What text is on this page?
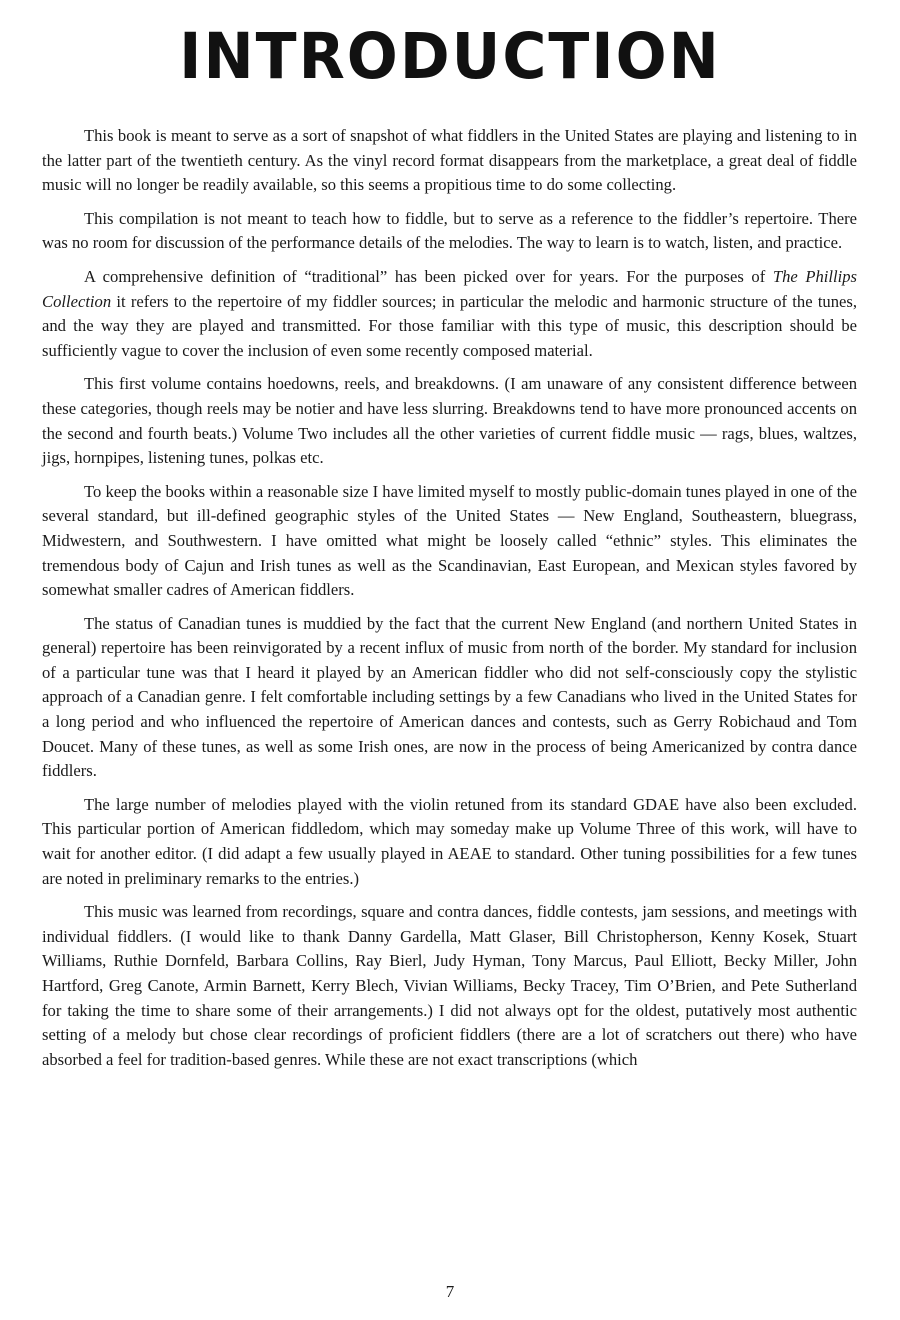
INTRODUCTION

This book is meant to serve as a sort of snapshot of what fiddlers in the United States are playing and listening to in the latter part of the twentieth century. As the vinyl record format disappears from the marketplace, a great deal of fiddle music will no longer be readily available, so this seems a propitious time to do some collecting.

This compilation is not meant to teach how to fiddle, but to serve as a reference to the fiddler’s repertoire. There was no room for discussion of the performance details of the melodies. The way to learn is to watch, listen, and practice.

A comprehensive definition of “traditional” has been picked over for years. For the purposes of The Phillips Collection it refers to the repertoire of my fiddler sources; in particular the melodic and harmonic structure of the tunes, and the way they are played and transmitted. For those familiar with this type of music, this description should be sufficiently vague to cover the inclusion of even some recently composed material.

This first volume contains hoedowns, reels, and breakdowns. (I am unaware of any consistent difference between these categories, though reels may be notier and have less slurring. Breakdowns tend to have more pronounced accents on the second and fourth beats.) Volume Two includes all the other varieties of current fiddle music — rags, blues, waltzes, jigs, hornpipes, listening tunes, polkas etc.

To keep the books within a reasonable size I have limited myself to mostly public-domain tunes played in one of the several standard, but ill-defined geographic styles of the United States — New England, Southeastern, bluegrass, Midwestern, and Southwestern. I have omitted what might be loosely called “ethnic” styles. This eliminates the tremendous body of Cajun and Irish tunes as well as the Scandinavian, East European, and Mexican styles favored by somewhat smaller cadres of American fiddlers.

The status of Canadian tunes is muddied by the fact that the current New England (and northern United States in general) repertoire has been reinvigorated by a recent influx of music from north of the border. My standard for inclusion of a particular tune was that I heard it played by an American fiddler who did not self-consciously copy the stylistic approach of a Canadian genre. I felt comfortable including settings by a few Canadians who lived in the United States for a long period and who influenced the repertoire of American dances and contests, such as Gerry Robichaud and Tom Doucet. Many of these tunes, as well as some Irish ones, are now in the process of being Americanized by contra dance fiddlers.

The large number of melodies played with the violin retuned from its standard GDAE have also been excluded. This particular portion of American fiddledom, which may someday make up Volume Three of this work, will have to wait for another editor. (I did adapt a few usually played in AEAE to standard. Other tuning possibilities for a few tunes are noted in preliminary remarks to the entries.)

This music was learned from recordings, square and contra dances, fiddle contests, jam sessions, and meetings with individual fiddlers. (I would like to thank Danny Gardella, Matt Glaser, Bill Christopherson, Kenny Kosek, Stuart Williams, Ruthie Dornfeld, Barbara Collins, Ray Bierl, Judy Hyman, Tony Marcus, Paul Elliott, Becky Miller, John Hartford, Greg Canote, Armin Barnett, Kerry Blech, Vivian Williams, Becky Tracey, Tim O’Brien, and Pete Sutherland for taking the time to share some of their arrangements.) I did not always opt for the oldest, putatively most authentic setting of a melody but chose clear recordings of proficient fiddlers (there are a lot of scratchers out there) who have absorbed a feel for tradition-based genres. While these are not exact transcriptions (which

7
